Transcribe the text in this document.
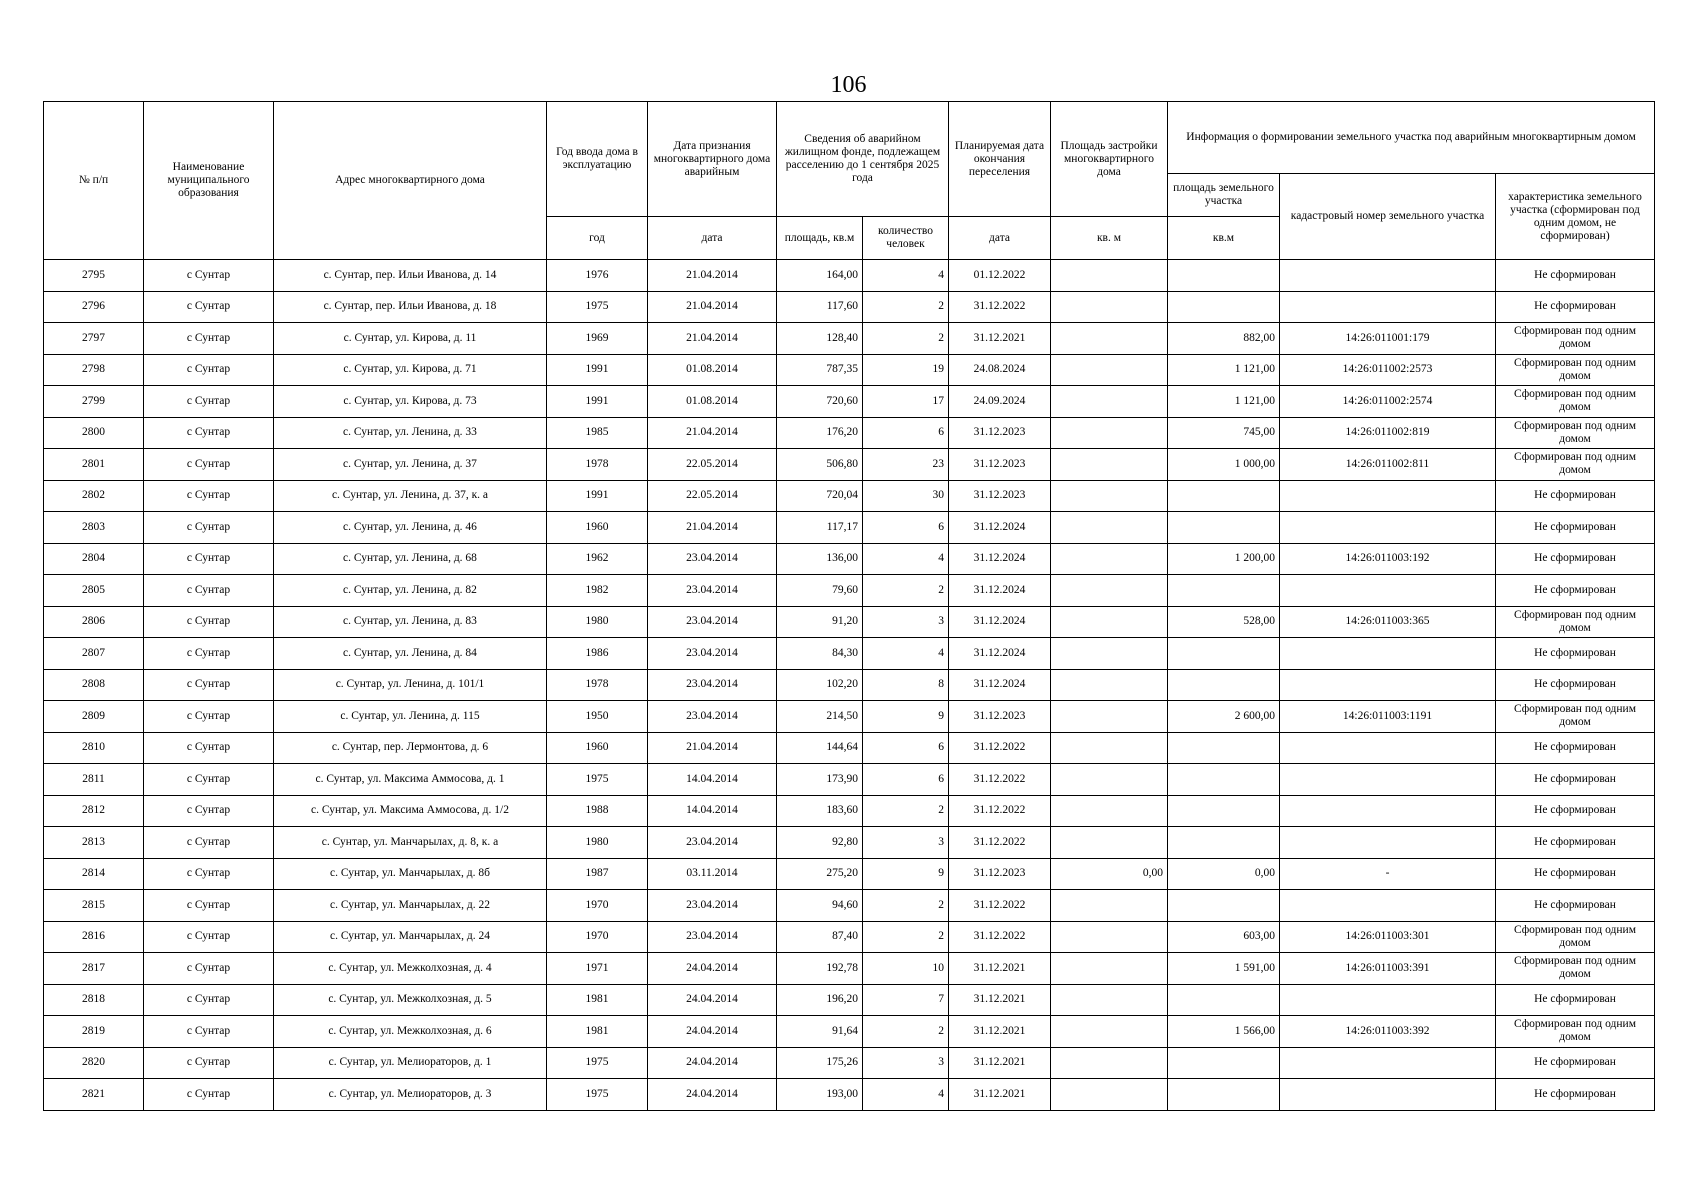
106
№ п/п	Наименование муниципального образования	Адрес многоквартирного дома	Год ввода дома в эксплуатацию	Дата признания многоквартирного дома аварийным	Сведения об аварийном жилищном фонде, подлежащем расселению до 1 сентября 2025 года		Планируемая дата окончания переселения	Площадь застройки многоквартирного дома	Информация о формировании земельного участка под аварийным многоквартирным домом		
									площадь земельного участка	кадастровый номер земельного участка	характеристика земельного участка (сформирован под одним домом, не сформирован)
			год	дата	площадь, кв.м	количество человек	дата	кв. м	кв.м		
2795	с Сунтар	с. Сунтар, пер. Ильи Иванова, д. 14	1976	21.04.2014	164,00	4	01.12.2022				Не сформирован
2796	с Сунтар	с. Сунтар, пер. Ильи Иванова, д. 18	1975	21.04.2014	117,60	2	31.12.2022				Не сформирован
2797	с Сунтар	с. Сунтар, ул. Кирова, д. 11	1969	21.04.2014	128,40	2	31.12.2021		882,00	14:26:011001:179	Сформирован под одним домом
2798	с Сунтар	с. Сунтар, ул. Кирова, д. 71	1991	01.08.2014	787,35	19	24.08.2024		1 121,00	14:26:011002:2573	Сформирован под одним домом
2799	с Сунтар	с. Сунтар, ул. Кирова, д. 73	1991	01.08.2014	720,60	17	24.09.2024		1 121,00	14:26:011002:2574	Сформирован под одним домом
2800	с Сунтар	с. Сунтар, ул. Ленина, д. 33	1985	21.04.2014	176,20	6	31.12.2023		745,00	14:26:011002:819	Сформирован под одним домом
2801	с Сунтар	с. Сунтар, ул. Ленина, д. 37	1978	22.05.2014	506,80	23	31.12.2023		1 000,00	14:26:011002:811	Сформирован под одним домом
2802	с Сунтар	с. Сунтар, ул. Ленина, д. 37, к. а	1991	22.05.2014	720,04	30	31.12.2023				Не сформирован
2803	с Сунтар	с. Сунтар, ул. Ленина, д. 46	1960	21.04.2014	117,17	6	31.12.2024				Не сформирован
2804	с Сунтар	с. Сунтар, ул. Ленина, д. 68	1962	23.04.2014	136,00	4	31.12.2024		1 200,00	14:26:011003:192	Не сформирован
2805	с Сунтар	с. Сунтар, ул. Ленина, д. 82	1982	23.04.2014	79,60	2	31.12.2024				Не сформирован
2806	с Сунтар	с. Сунтар, ул. Ленина, д. 83	1980	23.04.2014	91,20	3	31.12.2024		528,00	14:26:011003:365	Сформирован под одним домом
2807	с Сунтар	с. Сунтар, ул. Ленина, д. 84	1986	23.04.2014	84,30	4	31.12.2024				Не сформирован
2808	с Сунтар	с. Сунтар, ул. Ленина, д. 101/1	1978	23.04.2014	102,20	8	31.12.2024				Не сформирован
2809	с Сунтар	с. Сунтар, ул. Ленина, д. 115	1950	23.04.2014	214,50	9	31.12.2023		2 600,00	14:26:011003:1191	Сформирован под одним домом
2810	с Сунтар	с. Сунтар, пер. Лермонтова, д. 6	1960	21.04.2014	144,64	6	31.12.2022				Не сформирован
2811	с Сунтар	с. Сунтар, ул. Максима Аммосова, д. 1	1975	14.04.2014	173,90	6	31.12.2022				Не сформирован
2812	с Сунтар	с. Сунтар, ул. Максима Аммосова, д. 1/2	1988	14.04.2014	183,60	2	31.12.2022				Не сформирован
2813	с Сунтар	с. Сунтар, ул. Манчарылах, д. 8, к. а	1980	23.04.2014	92,80	3	31.12.2022				Не сформирован
2814	с Сунтар	с. Сунтар, ул. Манчарылах, д. 8б	1987	03.11.2014	275,20	9	31.12.2023	0,00	0,00	-	Не сформирован
2815	с Сунтар	с. Сунтар, ул. Манчарылах, д. 22	1970	23.04.2014	94,60	2	31.12.2022				Не сформирован
2816	с Сунтар	с. Сунтар, ул. Манчарылах, д. 24	1970	23.04.2014	87,40	2	31.12.2022		603,00	14:26:011003:301	Сформирован под одним домом
2817	с Сунтар	с. Сунтар, ул. Межколхозная, д. 4	1971	24.04.2014	192,78	10	31.12.2021		1 591,00	14:26:011003:391	Сформирован под одним домом
2818	с Сунтар	с. Сунтар, ул. Межколхозная, д. 5	1981	24.04.2014	196,20	7	31.12.2021				Не сформирован
2819	с Сунтар	с. Сунтар, ул. Межколхозная, д. 6	1981	24.04.2014	91,64	2	31.12.2021		1 566,00	14:26:011003:392	Сформирован под одним домом
2820	с Сунтар	с. Сунтар, ул. Мелиораторов, д. 1	1975	24.04.2014	175,26	3	31.12.2021				Не сформирован
2821	с Сунтар	с. Сунтар, ул. Мелиораторов, д. 3	1975	24.04.2014	193,00	4	31.12.2021				Не сформирован
